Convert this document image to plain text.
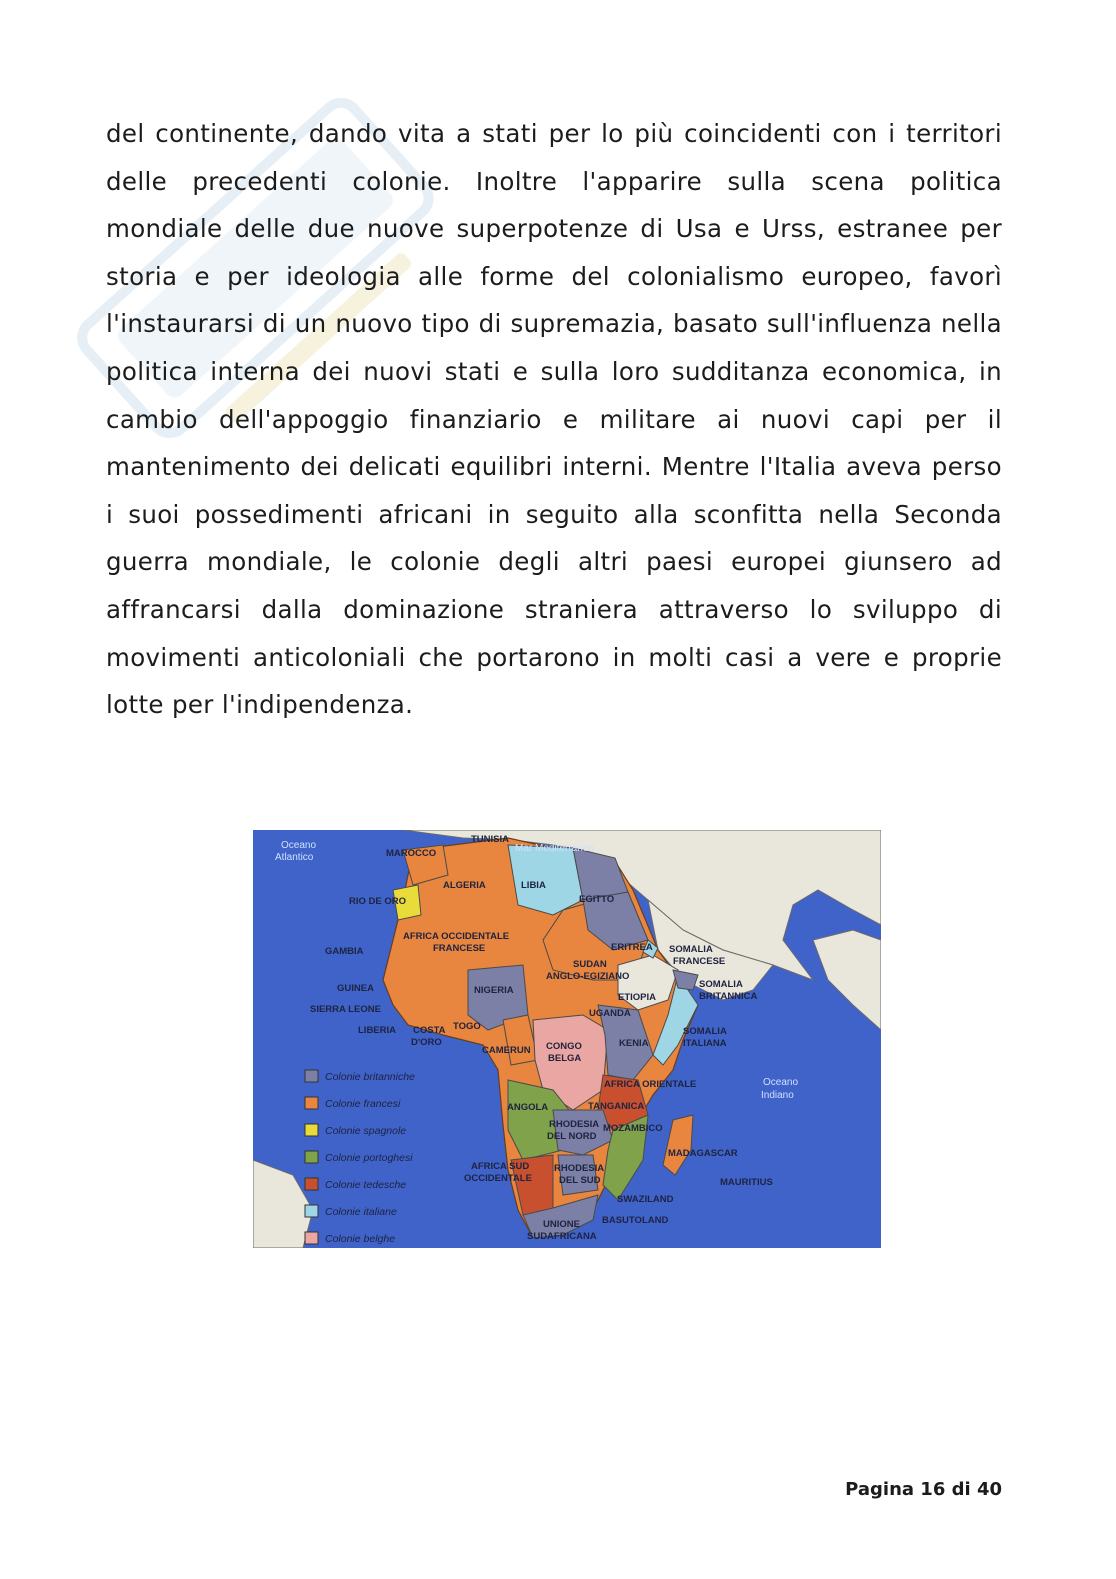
del continente, dando vita a stati per lo più coincidenti con i territori delle precedenti colonie. Inoltre l'apparire sulla scena politica mondiale delle due nuove superpotenze di Usa e Urss, estranee per storia e per ideologia alle forme del colonialismo europeo, favorì l'instaurarsi di un nuovo tipo di supremazia, basato sull'influenza nella politica interna dei nuovi stati e sulla loro sudditanza economica, in cambio dell'appoggio finanziario e militare ai nuovi capi per il mantenimento dei delicati equilibri interni. Mentre l'Italia aveva perso i suoi possedimenti africani in seguito alla sconfitta nella Seconda guerra mondiale, le colonie degli altri paesi europei giunsero ad affrancarsi dalla dominazione straniera attraverso lo sviluppo di movimenti anticoloniali che portarono in molti casi a vere e proprie lotte per l'indipendenza.

Oceano
Atlantico
Mar Mediterraneo
Oceano
Indiano
MAROCCO
TUNISIA
ALGERIA	LIBIA
EGITTO
RIO DE ORO
AFRICA OCCIDENTALE
FRANCESE
GAMBIA	ERITREA SOMALIA
FRANCESE
SUDAN
ANGLO-EGIZIANO
GUINEA	NIGERIA
ETIOPIA
SOMALIA
BRITANNICA
SIERRA LEONE	UGANDA
LIBERIA COSTA
D'ORO
TOGO
CAMERUN CONGO
BELGA
KENIA
SOMALIA
ITALIANA
AFRICA ORIENTALE
ANGOLA	TANGANICA
RHODESIA
DEL NORD
MOZAMBICO
MADAGASCAR
AFRICA SUD
OCCIDENTALE
RHODESIA
DEL SUD	MAURITIUS
SWAZILAND
BASUTOLAND
UNIONE
SUDAFRICANA
Colonie britanniche
Colonie francesi
Colonie spagnole
Colonie portoghesi
Colonie tedesche
Colonie italiane
Colonie belghe
Pagina 16 di 40
